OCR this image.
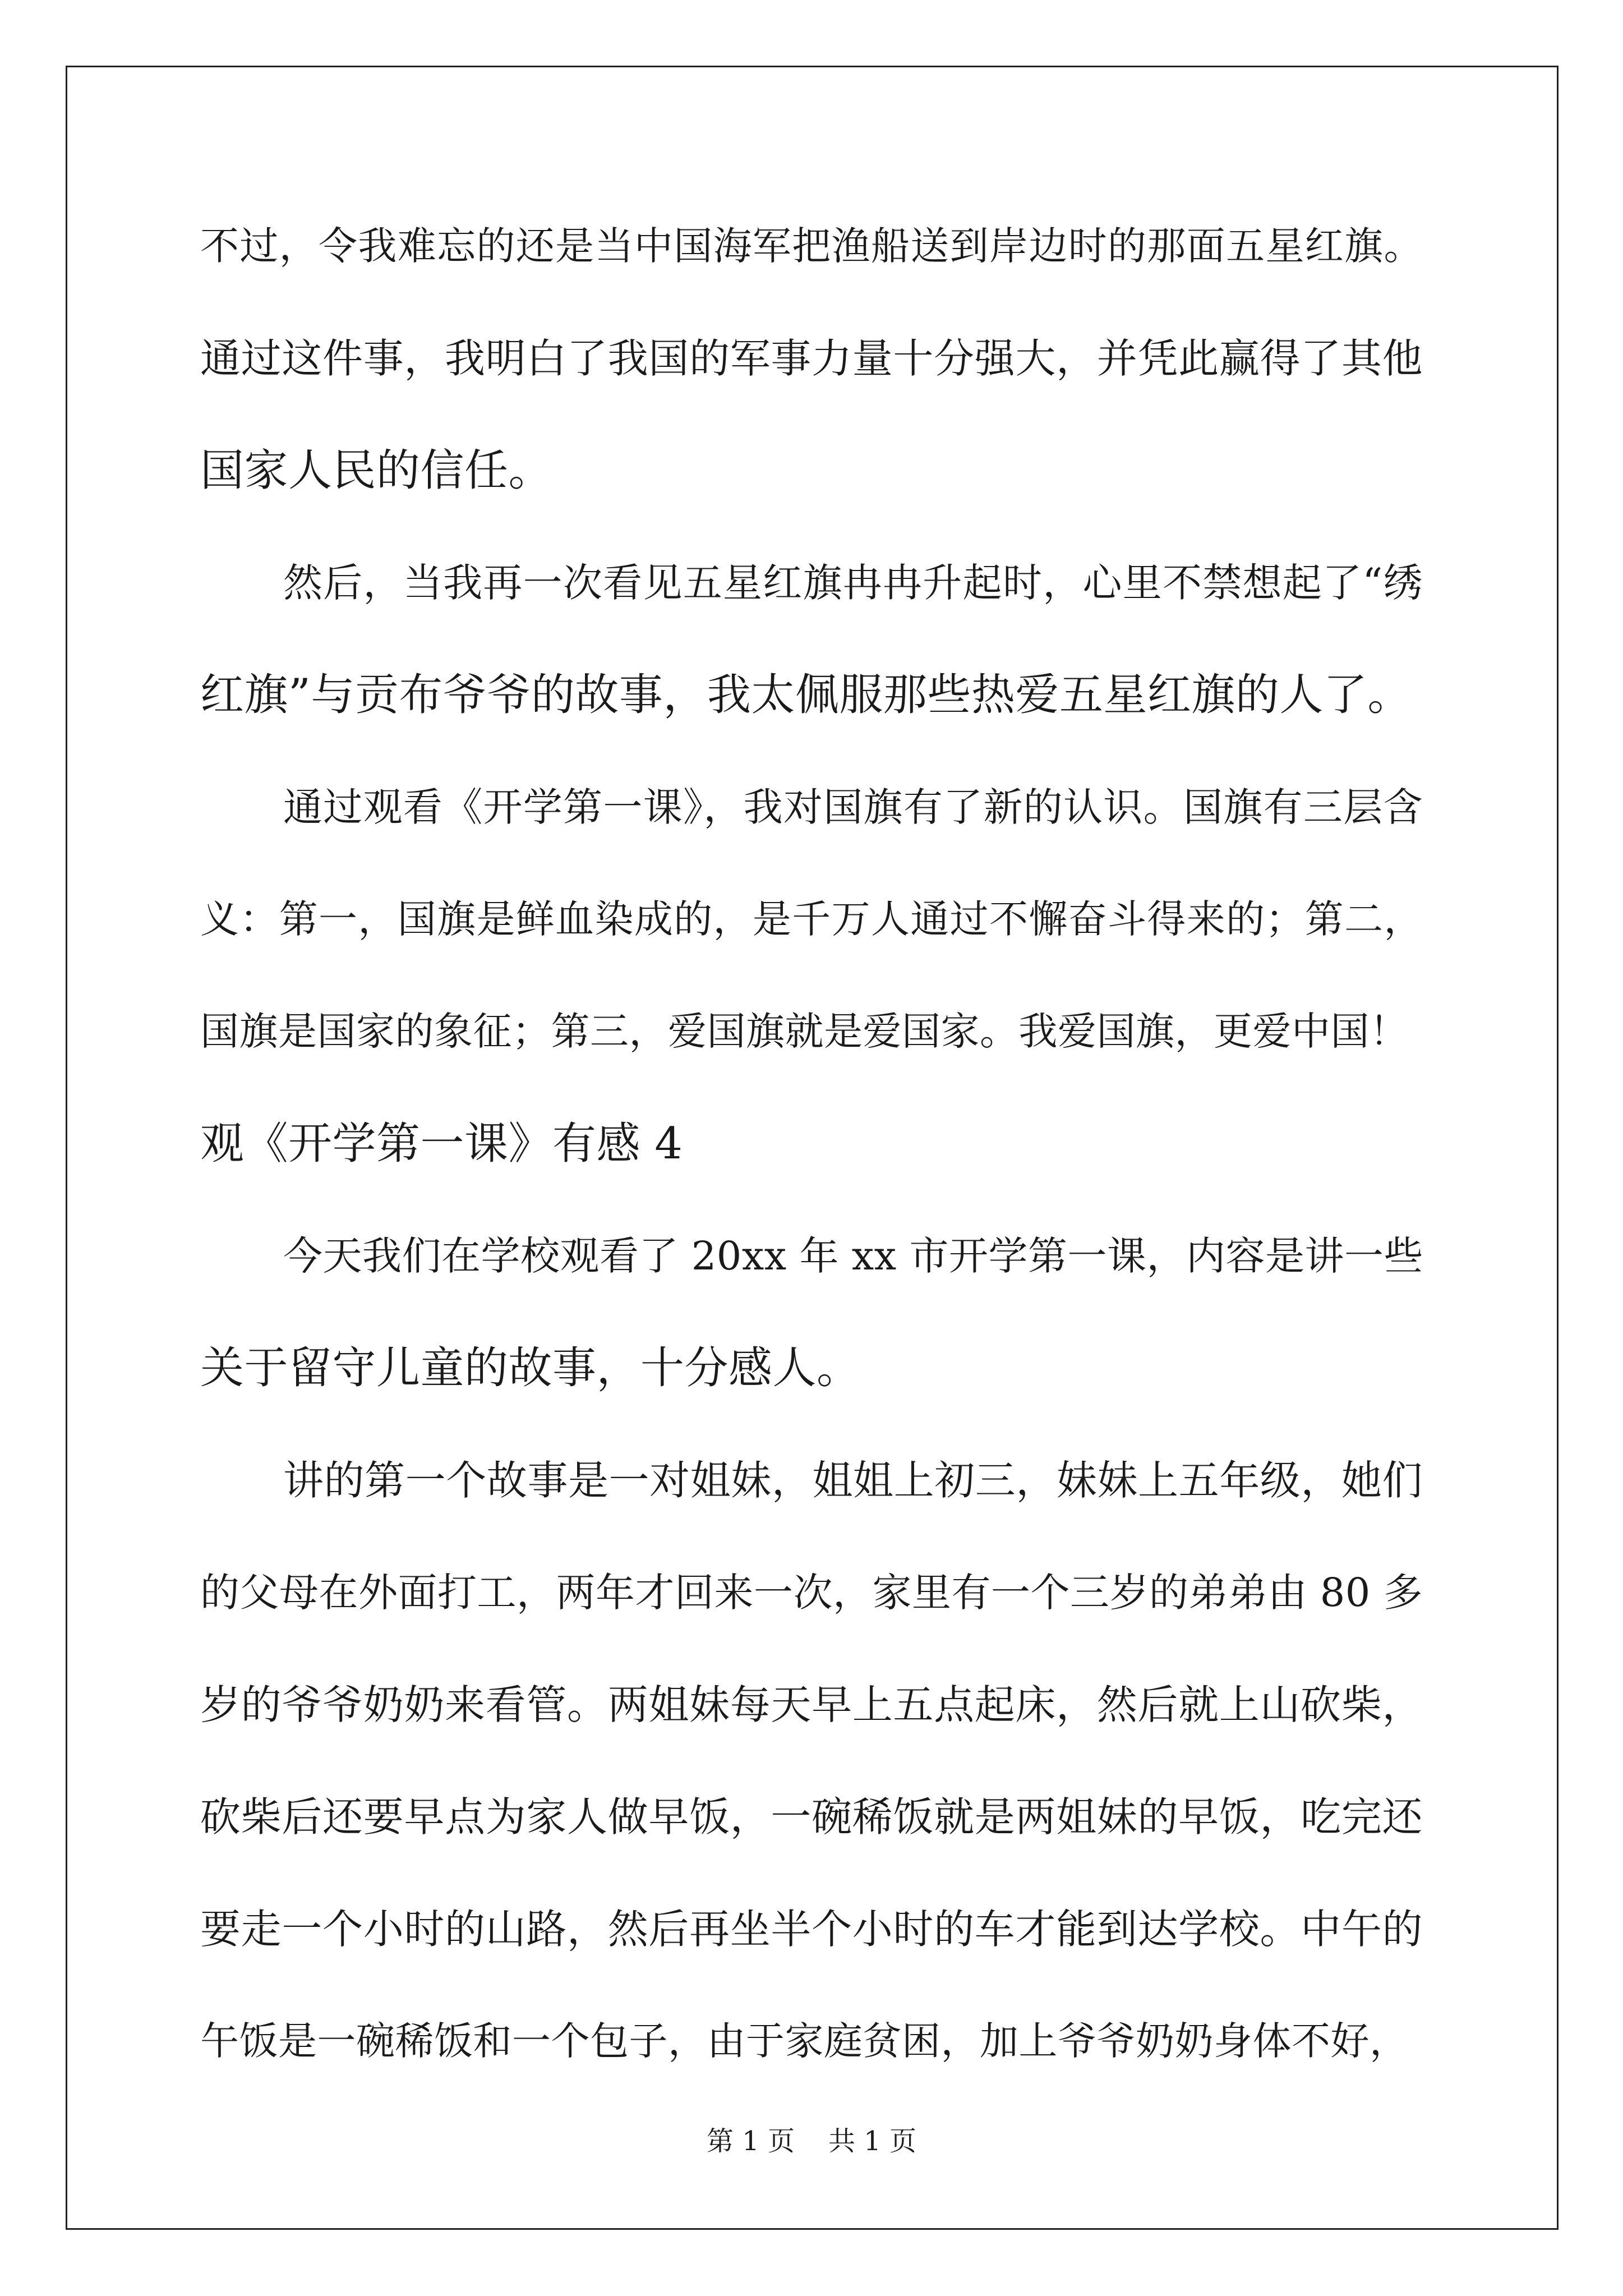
不过，令我难忘的还是当中国海军把渔船送到岸边时的那面五星红旗。
通过这件事，我明白了我国的军事力量十分强大，并凭此赢得了其他
国家人民的信任。
然后，当我再一次看见五星红旗冉冉升起时，心里不禁想起了“绣
红旗”与贡布爷爷的故事，我太佩服那些热爱五星红旗的人了。
通过观看《开学第一课》，我对国旗有了新的认识。国旗有三层含
义：第一，国旗是鲜血染成的，是千万人通过不懈奋斗得来的；第二，
国旗是国家的象征；第三，爱国旗就是爱国家。我爱国旗，更爱中国！
观《开学第一课》有感 4
今天我们在学校观看了 20xx 年 xx 市开学第一课，内容是讲一些
关于留守儿童的故事，十分感人。
讲的第一个故事是一对姐妹，姐姐上初三，妹妹上五年级，她们
的父母在外面打工，两年才回来一次，家里有一个三岁的弟弟由 80 多
岁的爷爷奶奶来看管。两姐妹每天早上五点起床，然后就上山砍柴，
砍柴后还要早点为家人做早饭，一碗稀饭就是两姐妹的早饭，吃完还
要走一个小时的山路，然后再坐半个小时的车才能到达学校。中午的
午饭是一碗稀饭和一个包子，由于家庭贫困，加上爷爷奶奶身体不好，
第 1 页 共 1 页
